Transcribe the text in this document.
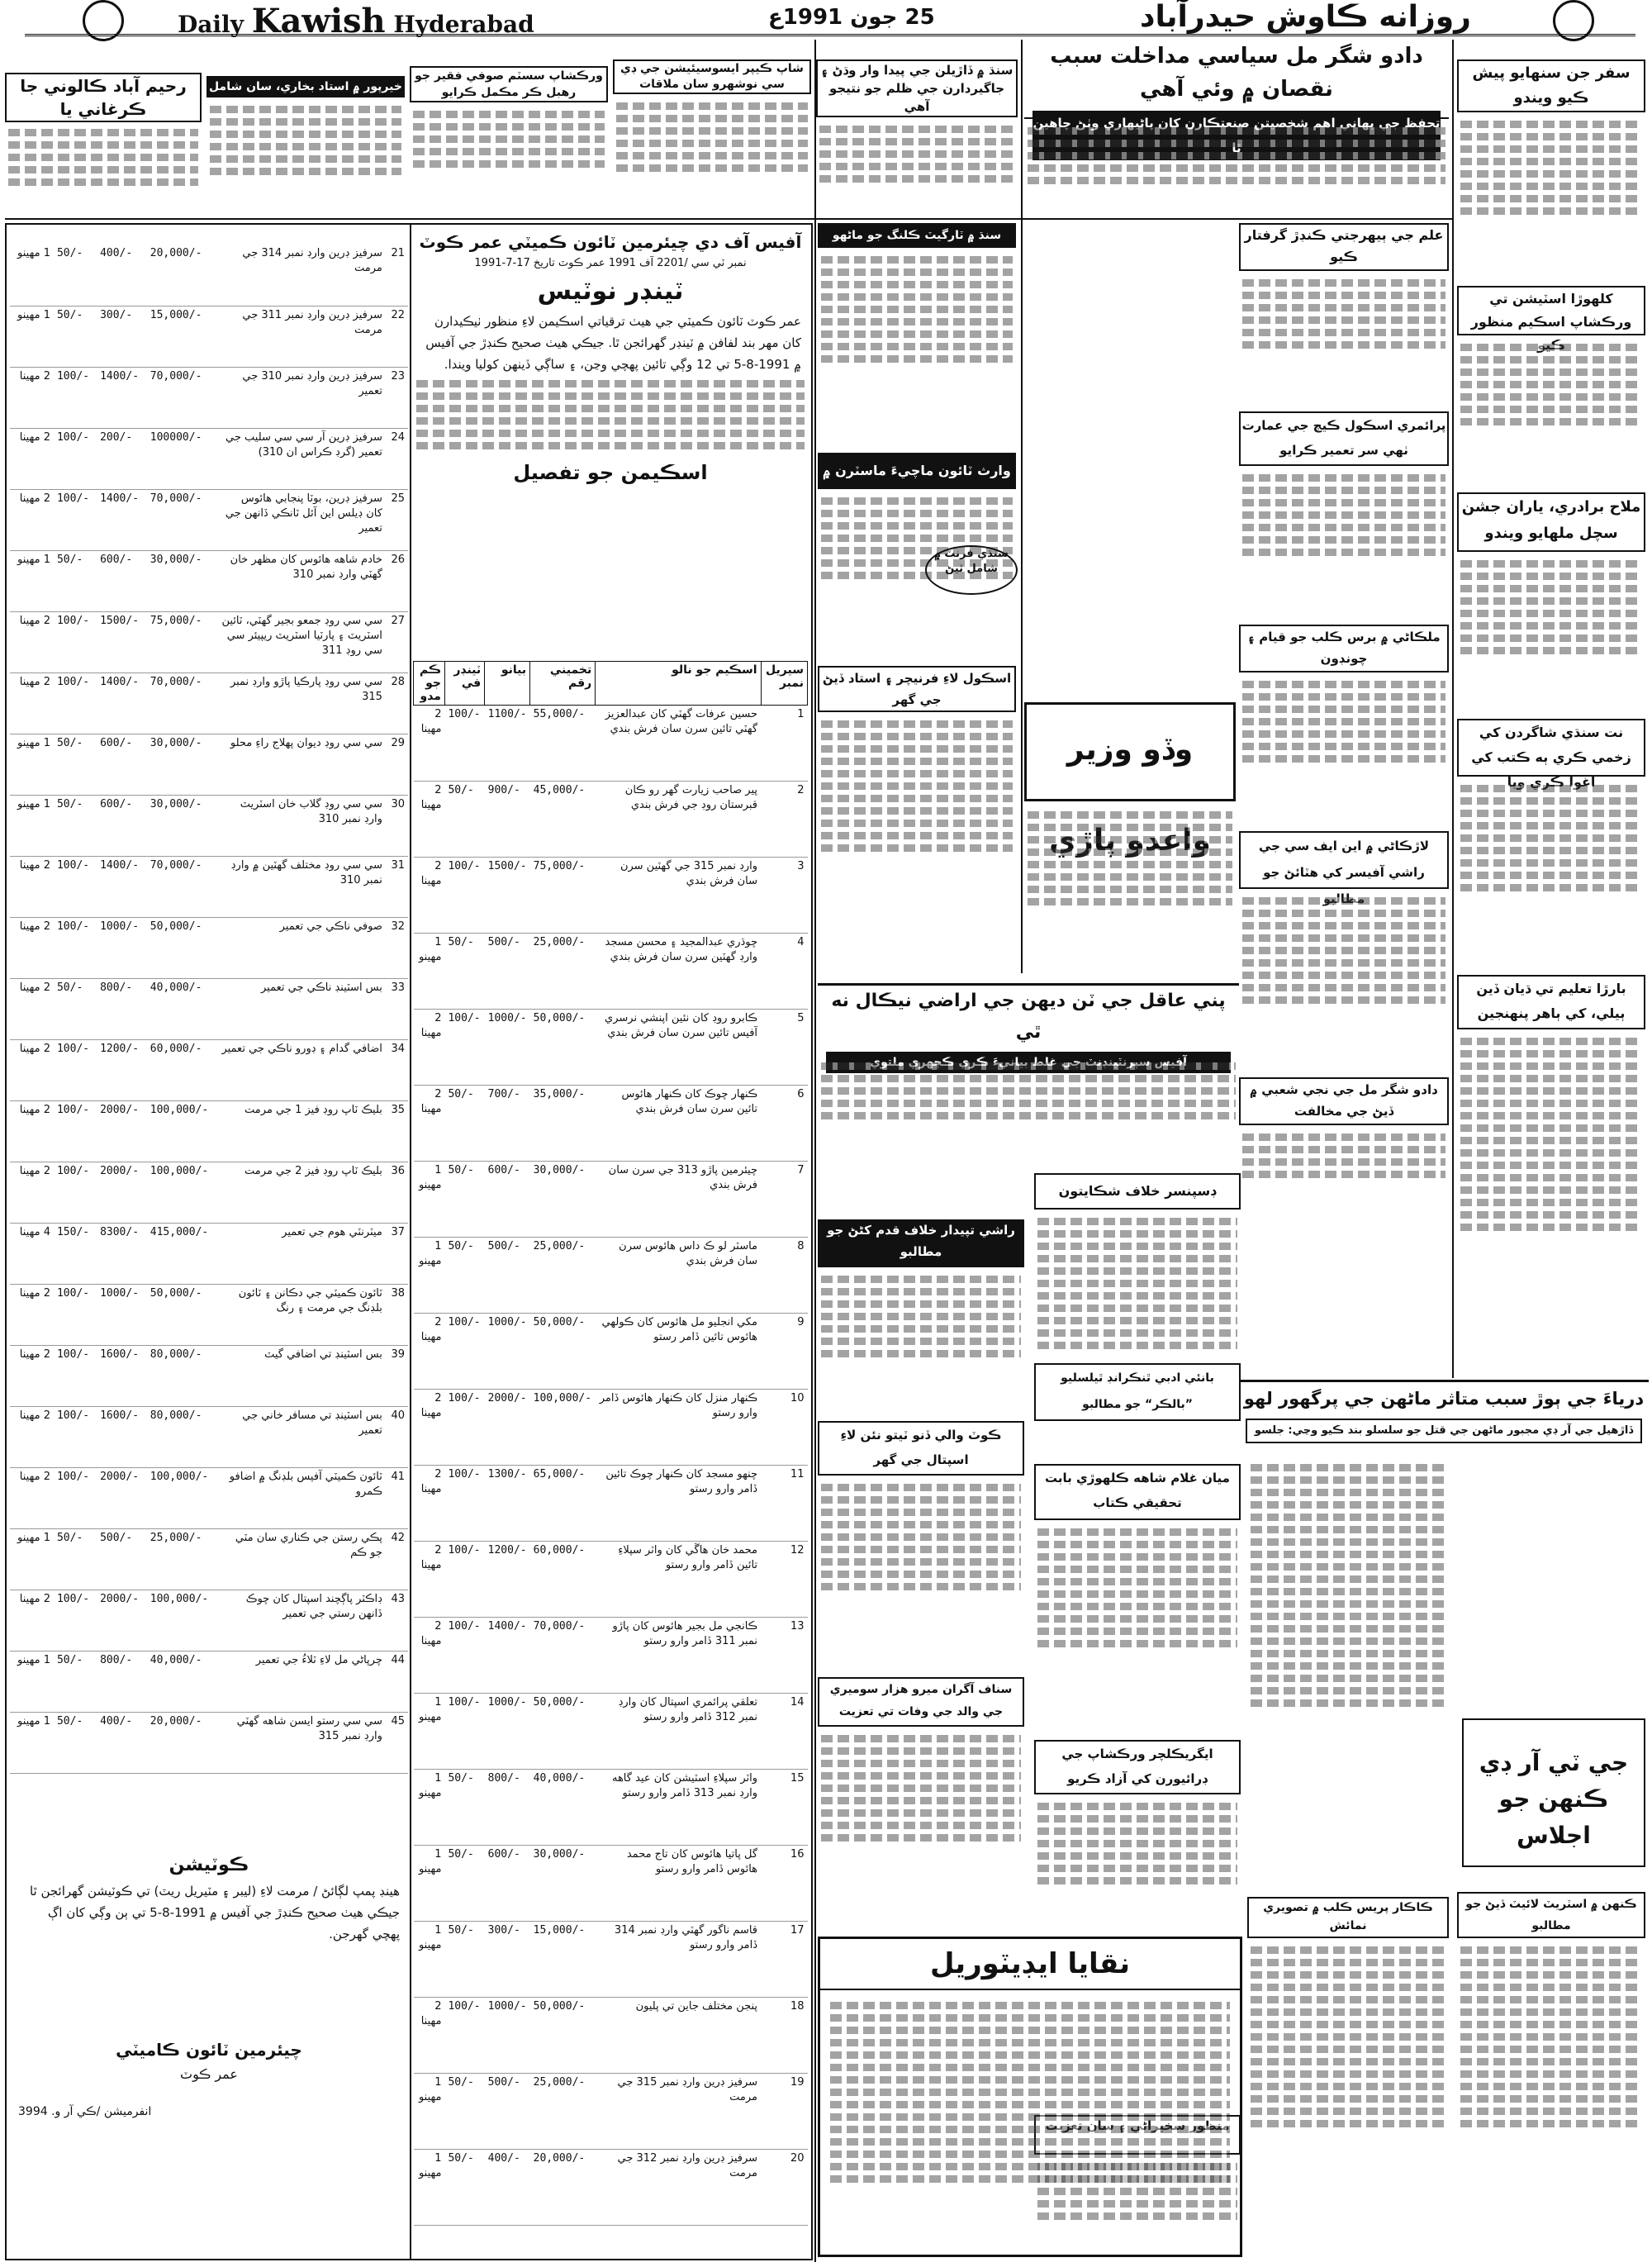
Daily Kawish Hyderabad	25 جون 1991ع	روزانه ڪاوش حيدرآباد
رحيم آباد ڪالوني جا ڪرغاني يا
خيرپور ۾ استاد بخاري، سان شامل
ورڪشاپ سسٽم صوفي فقير جو رهبل ڪر مڪمل ڪرايو
شاپ ڪيپر ايسوسيئيشن جي ڊي سي نوشهرو سان ملاقات
سنڌ ۾ ڏاڙيلن جي پيدا وار وڌڻ ۽ جاگيردارن جي ظلم جو نتيجو آهي
دادو شگر مل سياسي مداخلت سبب نقصان ۾ وئي آهي
تحفظ جي بهاني اهم شخصيتن صنعتڪارن کان پاڻيهاري وٺڻ چاهين ٿا
سفر جن سنهايو پيش ڪيو ويندو
کلهوڙا اسٽيشن تي ورڪشاپ اسڪيم منظور ڪيو
ملاح برادري، ياران جشن سچل ملهايو ويندو
نت سنڌي شاگردن کي زخمي ڪري ٻه ڪتب کي اغوا ڪري ويا
بارڙا تعليم تي ڌيان ڏين ٻيلي، کي ٻاهر پنهنجين
ڪنهن ۾ اسٽريٽ لائيٽ ڏيڻ جو مطالبو
علم جي ٻيهرجتي ڪنڊڙ گرفتار ڪيو
پرائمري اسڪول ڪيڄ جي عمارت ٺهي سر تعمير ڪرايو
ملڪاڻي ۾ برس ڪلب جو قيام ۽ چونڊون
لاڙڪاڻي ۾ اين ايف سي جي راشي آفيسر کي هٽائڻ جو مطالبو
دادو شگر مل جي نجي شعبي ۾ ڏيڻ جي مخالفت
ميان غلام شاهه ڪلهوڙي بابت تحقيقي ڪتاب
ايگريڪلچر ورڪشاپ جي ڊرائيورن کي آزاد ڪريو
منظور سخيراڻي ۽ سان تعزيت
سنڌ ۾ ٽارگيٽ ڪلنگ جو ماڻهو ڪتب ڪيو وڃي
وارث ٽائون ماچيءَ ماسٽرن ۾ 12 وارڊ ڪونسلرن ۾ ٻاري ڪونهي
سنڌي فرنٽ ۾ شامل ٿيڻ
اسڪول لاءِ فرنيچر ۽ استاد ڏيڻ جي گهر
وڏو وزير واعدو پاڙي
پني عاقل جي ٽن ديهن جي اراضي نيڪال نه ٿي
آفيس سپرنٽينڊنٽ جي غلط بيانيءَ ڪري ڪچهري ملتوي
ڊسپنسر خلاف شڪايتون
راشي تپيدار خلاف قدم کڻڻ جو مطالبو
ڪوٽ والي ڏنو ٽيتو نئن لاءِ اسپتال جي گهر
سناف آگران ميرو هزار سوميري جي والد جي وفات تي تعزيت
بانئي ادبي ٿنڪرانڊ ٿيلسليو ”بالڪر“ جو مطالبو	درياءَ جي ٻوڙ سبب متاثر ماڻهن جي پرگهور لهو
ڏاڙهيل جي آر ڊي مجبور ماڻهن جي قتل جو سلسلو بند ڪيو وڃي: جلسو
جي ٽي آر ڊي ڪنهن جو اجلاس
ڪاڪار پريس ڪلب ۾ تصويري نمائش
نقايا ايڊيٽوريل
آفيس آف دي چيئرمين ٽائون ڪميٽي عمر ڪوٽ
نمبر ٽي سي /2201 آف 1991 عمر ڪوٽ تاريخ 17-7-1991
ٽينڊر نوٽيس
عمر ڪوٽ ٽائون ڪميٽي جي هيٺ ترقياتي اسڪيمن لاءِ منظور ٺيڪيدارن کان مهر بند لفافن ۾ ٽينڊر گهرائجن ٿا. جيڪي هيٺ صحيح ڪنڊڙ جي آفيس ۾ 1991-8-5 تي 12 وڳي تائين پهچي وڃن، ۽ ساڳي ڏينهن کوليا ويندا.
اسڪيمن جو تفصيل
سيريل نمبر	اسڪيم جو نالو	تخميني رقم	بيانو	ٽينڊر في	ڪم جو مدو
1	حسين عرفات گهٽي کان عبدالعزيز گهٽي تائين سرن سان فرش بندي	55,000/-	1100/-	100/-	2 مهينا
2	پير صاحب زيارت گهر رو ڪان قبرستان روڊ جي فرش بندي	45,000/-	900/-	50/-	2 مهينا
3	وارڊ نمبر 315 جي گهٽين سرن سان فرش بندي	75,000/-	1500/-	100/-	2 مهينا
4	چوڌري عبدالمجيد ۽ محسن مسجد وارڊ گهٽين سرن سان فرش بندي	25,000/-	500/-	50/-	1 مهينو
5	ڪابرو روڊ کان نئين اپنشي نرسري آفيس تائين سرن سان فرش بندي	50,000/-	1000/-	100/-	2 مهينا
6	ڪنهار چوڪ کان ڪنهار هائوس تائين سرن سان فرش بندي	35,000/-	700/-	50/-	2 مهينا
7	چيئرمين پاڙو 313 جي سرن سان فرش بندي	30,000/-	600/-	50/-	1 مهينو
8	ماسٽر لو ڪ داس هائوس سرن سان فرش بندي	25,000/-	500/-	50/-	1 مهينو
9	مکي انجليو مل هائوس کان ڪولهي هائوس تائين ڏامر رستو	50,000/-	1000/-	100/-	2 مهينا
10	ڪنهار منزل کان ڪنهار هائوس ڏامر وارو رستو	100,000/-	2000/-	100/-	2 مهينا
11	چنهو مسجد کان ڪنهار چوڪ تائين ڏامر وارو رستو	65,000/-	1300/-	100/-	2 مهينا
12	محمد خان هاڱي کان واٽر سپلاءِ تائين ڏامر وارو رستو	60,000/-	1200/-	100/-	2 مهينا
13	ڪانجي مل بجير هائوس کان پاڙو نمبر 311 ڏامر وارو رستو	70,000/-	1400/-	100/-	2 مهينا
14	تعلقي پرائمري اسپتال کان وارڊ نمبر 312 ڏامر وارو رستو	50,000/-	1000/-	100/-	1 مهينو
15	واٽر سپلاءِ اسٽيشن کان عيد گاهه وارڊ نمبر 313 ڏامر وارو رستو	40,000/-	800/-	50/-	1 مهينو
16	گل پاتيا هائوس کان تاج محمد هائوس ڏامر وارو رستو	30,000/-	600/-	50/-	1 مهينو
17	قاسم ناگور گهٽي وارڊ نمبر 314 ڏامر وارو رستو	15,000/-	300/-	50/-	1 مهينو
18	پنجن مختلف جاين تي پليون	50,000/-	1000/-	100/-	2 مهينا
19	سرفيز ڊرين وارڊ نمبر 315 جي مرمت	25,000/-	500/-	50/-	1 مهينو
20	سرفيز ڊرين وارڊ نمبر 312 جي مرمت	20,000/-	400/-	50/-	1 مهينو
21	سرفيز ڊرين وارڊ نمبر 314 جي مرمت	20,000/-	400/-	50/-	1 مهينو
22	سرفيز ڊرين وارڊ نمبر 311 جي مرمت	15,000/-	300/-	50/-	1 مهينو
23	سرفيز ڊرين وارڊ نمبر 310 جي تعمير	70,000/-	1400/-	100/-	2 مهينا
24	سرفيز ڊرين آر سي سي سليب جي تعمير (گرڊ ڪراس ان 310)	100000/-	200/-	100/-	2 مهينا
25	سرفيز ڊرين، بوٽا پنجابي هائوس کان ڊيلس اين آئل ٽانڪي ڏانهن جي تعمير	70,000/-	1400/-	100/-	2 مهينا
26	خادم شاهه هائوس کان مظهر خان گهٽي وارڊ نمبر 310	30,000/-	600/-	50/-	1 مهينو
27	سي سي روڊ جمعو بجير گهٽي، ٽائين اسٽريٽ ۽ پارٽيا اسٽريٽ ريپيئر سي سي روڊ 311	75,000/-	1500/-	100/-	2 مهينا
28	سي سي روڊ پارڪيا پاڙو وارڊ نمبر 315	70,000/-	1400/-	100/-	2 مهينا
29	سي سي روڊ ديوان پهلاج راءِ محلو	30,000/-	600/-	50/-	1 مهينو
30	سي سي روڊ گلاب خان اسٽريٽ وارڊ نمبر 310	30,000/-	600/-	50/-	1 مهينو
31	سي سي روڊ مختلف گهٽين ۾ وارڊ نمبر 310	70,000/-	1400/-	100/-	2 مهينا
32	صوفي ناڪي جي تعمير	50,000/-	1000/-	100/-	2 مهينا
33	بس اسٽينڊ ناڪي جي تعمير	40,000/-	800/-	50/-	2 مهينا
34	اضافي گدام ۽ ڊورو ناڪي جي تعمير	60,000/-	1200/-	100/-	2 مهينا
35	بليڪ ٽاپ روڊ فيز 1 جي مرمت	100,000/-	2000/-	100/-	2 مهينا
36	بليڪ ٽاپ روڊ فيز 2 جي مرمت	100,000/-	2000/-	100/-	2 مهينا
37	ميٽرنٽي هوم جي تعمير	415,000/-	8300/-	150/-	4 مهينا
38	ٽائون ڪميٽي جي دڪانن ۽ ٽائون بلڊنگ جي مرمت ۽ رنگ	50,000/-	1000/-	100/-	2 مهينا
39	بس اسٽينڊ تي اضافي گيٽ	80,000/-	1600/-	100/-	2 مهينا
40	بس اسٽينڊ تي مسافر خاني جي تعمير	80,000/-	1600/-	100/-	2 مهينا
41	ٽائون ڪميٽي آفيس بلڊنگ ۾ اضافو ڪمرو	100,000/-	2000/-	100/-	2 مهينا
42	پڪي رستن جي ڪناري سان مٽي جو ڪم	25,000/-	500/-	50/-	1 مهينو
43	ڊاڪٽر پاڳچند اسپتال کان چوڪ ڏانهن رستي جي تعمير	100,000/-	2000/-	100/-	2 مهينا
44	چرپاڻي مل لاءِ ٽلاءُ جي تعمير	40,000/-	800/-	50/-	1 مهينو
45	سي سي رستو ايسن شاهه گهٽي وارڊ نمبر 315	20,000/-	400/-	50/-	1 مهينو
ڪوٽيشن
هينڊ پمپ لڳائڻ / مرمت لاءِ (ليبر ۽ مٽيريل ريٽ) تي ڪوٽيشن گهرائجن ٿا جيڪي هيٺ صحيح ڪنڊڙ جي آفيس ۾ 1991-8-5 تي ٻن وڳي کان اڳ پهچي گهرجن.
چيئرمين ٽائون ڪاميٽي
عمر ڪوٽ
انفرميشن /ڪي آر و. 3994
